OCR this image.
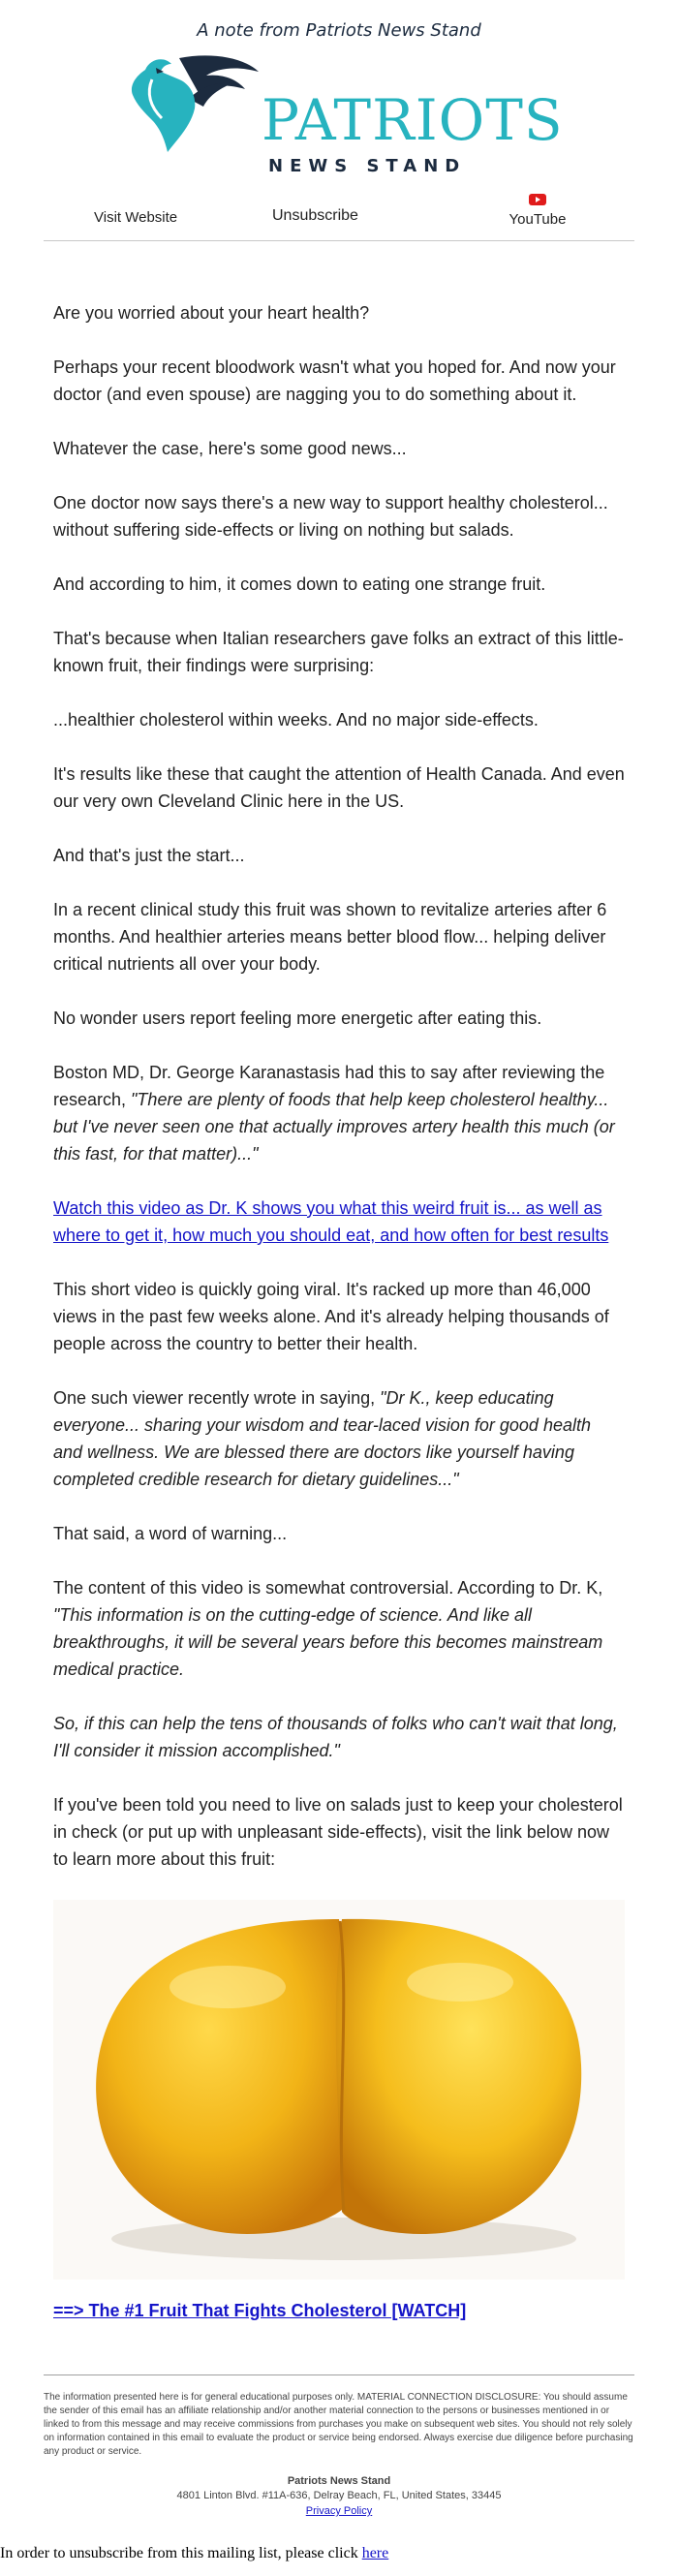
A note from Patriots News Stand
PATRIOTS
NEWS STAND
Visit Website	Unsubscribe	YouTube

Are you worried about your heart health?

Perhaps your recent bloodwork wasn't what you hoped for. And now your doctor (and even spouse) are nagging you to do something about it.

Whatever the case, here's some good news...

One doctor now says there's a new way to support healthy cholesterol... without suffering side-effects or living on nothing but salads.

And according to him, it comes down to eating one strange fruit.

That's because when Italian researchers gave folks an extract of this little-known fruit, their findings were surprising:

...healthier cholesterol within weeks. And no major side-effects.

It's results like these that caught the attention of Health Canada. And even our very own Cleveland Clinic here in the US.

And that's just the start...

In a recent clinical study this fruit was shown to revitalize arteries after 6 months. And healthier arteries means better blood flow... helping deliver critical nutrients all over your body.

No wonder users report feeling more energetic after eating this.

Boston MD, Dr. George Karanastasis had this to say after reviewing the research, "There are plenty of foods that help keep cholesterol healthy... but I've never seen one that actually improves artery health this much (or this fast, for that matter)..."

Watch this video as Dr. K shows you what this weird fruit is... as well as where to get it, how much you should eat, and how often for best results

This short video is quickly going viral. It's racked up more than 46,000 views in the past few weeks alone. And it's already helping thousands of people across the country to better their health.

One such viewer recently wrote in saying, "Dr K., keep educating everyone... sharing your wisdom and tear-laced vision for good health and wellness. We are blessed there are doctors like yourself having completed credible research for dietary guidelines..."

That said, a word of warning...

The content of this video is somewhat controversial. According to Dr. K, "This information is on the cutting-edge of science. And like all breakthroughs, it will be several years before this becomes mainstream medical practice.

So, if this can help the tens of thousands of folks who can't wait that long, I'll consider it mission accomplished."

If you've been told you need to live on salads just to keep your cholesterol in check (or put up with unpleasant side-effects), visit the link below now to learn more about this fruit:

==> The #1 Fruit That Fights Cholesterol [WATCH]

The information presented here is for general educational purposes only. MATERIAL CONNECTION DISCLOSURE: You should assume the sender of this email has an affiliate relationship and/or another material connection to the persons or businesses mentioned in or linked to from this message and may receive commissions from purchases you make on subsequent web sites. You should not rely solely on information contained in this email to evaluate the product or service being endorsed. Always exercise due diligence before purchasing any product or service.

Patriots News Stand
4801 Linton Blvd. #11A-636, Delray Beach, FL, United States, 33445
Privacy Policy
In order to unsubscribe from this mailing list, please click here
